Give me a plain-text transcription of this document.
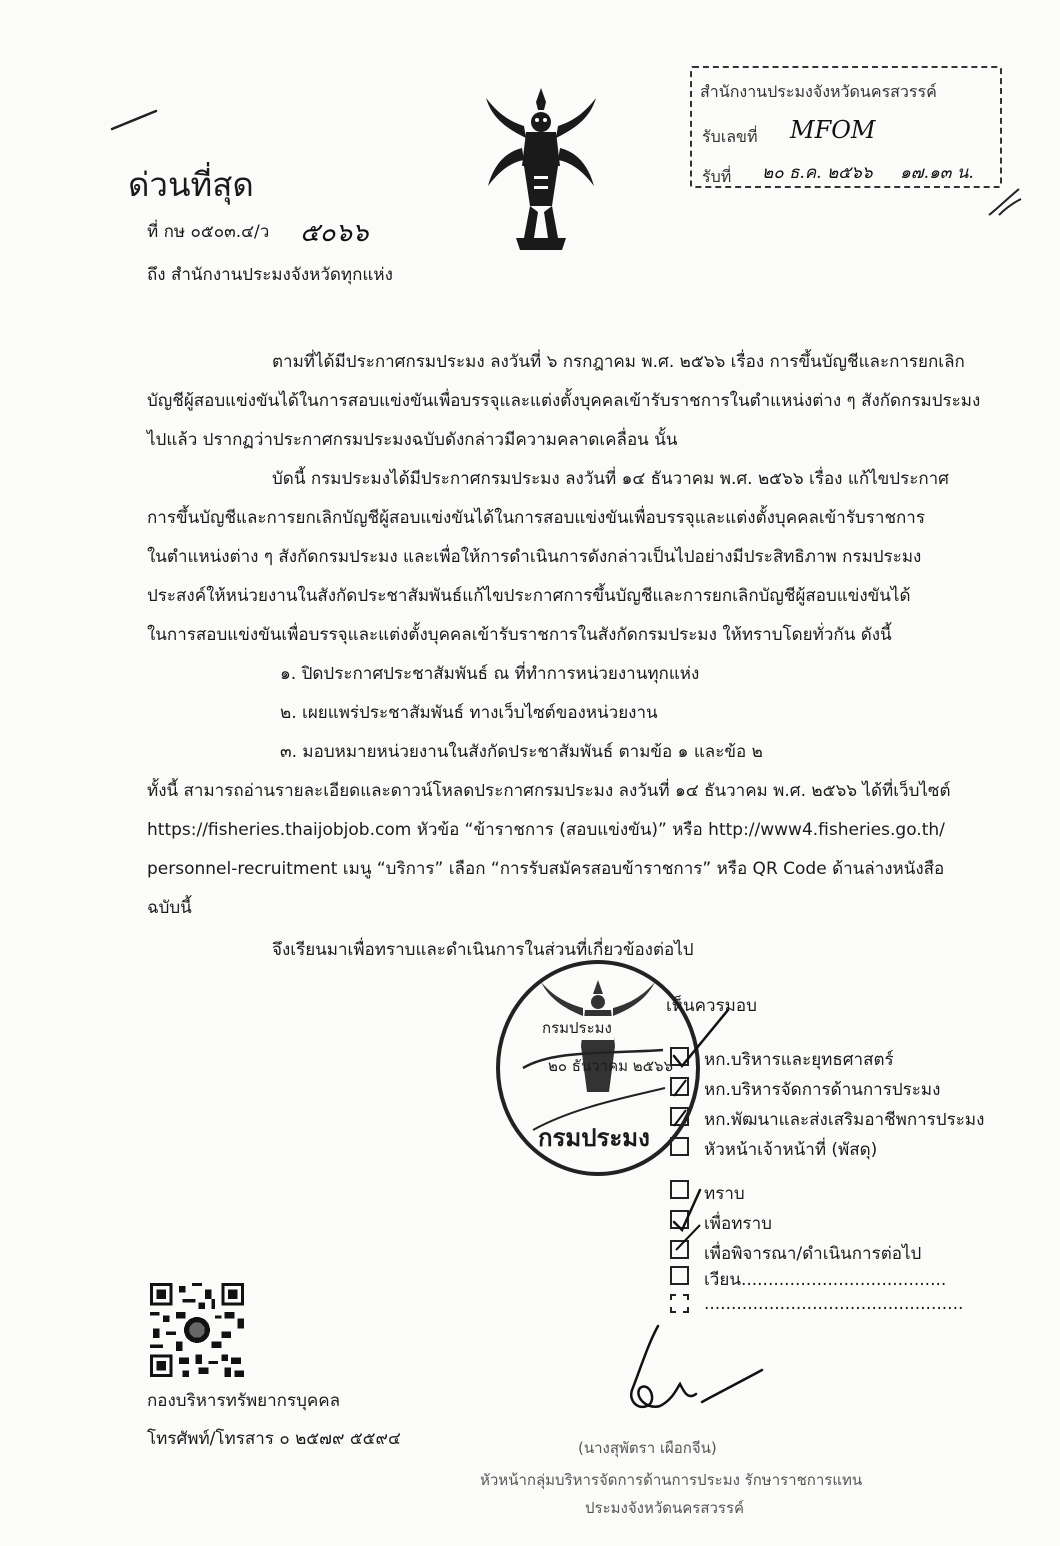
สำนักงานประมงจังหวัดนครสวรรค์
รับเลขที่ MFOM
รับที่ ๒๐ ธ.ค. ๒๕๖๖ ๑๗.๑๓ น.
ด่วนที่สุด
ที่ กษ ๐๕๐๓.๔/ว ๕๐๖๖
ถึง สำนักงานประมงจังหวัดทุกแห่ง
ตามที่ได้มีประกาศกรมประมง ลงวันที่ ๖ กรกฎาคม พ.ศ. ๒๕๖๖ เรื่อง การขึ้นบัญชีและการยกเลิก
บัญชีผู้สอบแข่งขันได้ในการสอบแข่งขันเพื่อบรรจุและแต่งตั้งบุคคลเข้ารับราชการในตำแหน่งต่าง ๆ สังกัดกรมประมง
ไปแล้ว ปรากฏว่าประกาศกรมประมงฉบับดังกล่าวมีความคลาดเคลื่อน นั้น
บัดนี้ กรมประมงได้มีประกาศกรมประมง ลงวันที่ ๑๔ ธันวาคม พ.ศ. ๒๕๖๖ เรื่อง แก้ไขประกาศ
การขึ้นบัญชีและการยกเลิกบัญชีผู้สอบแข่งขันได้ในการสอบแข่งขันเพื่อบรรจุและแต่งตั้งบุคคลเข้ารับราชการ
ในตำแหน่งต่าง ๆ สังกัดกรมประมง และเพื่อให้การดำเนินการดังกล่าวเป็นไปอย่างมีประสิทธิภาพ กรมประมง
ประสงค์ให้หน่วยงานในสังกัดประชาสัมพันธ์แก้ไขประกาศการขึ้นบัญชีและการยกเลิกบัญชีผู้สอบแข่งขันได้
ในการสอบแข่งขันเพื่อบรรจุและแต่งตั้งบุคคลเข้ารับราชการในสังกัดกรมประมง ให้ทราบโดยทั่วกัน ดังนี้
๑. ปิดประกาศประชาสัมพันธ์ ณ ที่ทำการหน่วยงานทุกแห่ง
๒. เผยแพร่ประชาสัมพันธ์ ทางเว็บไซต์ของหน่วยงาน
๓. มอบหมายหน่วยงานในสังกัดประชาสัมพันธ์ ตามข้อ ๑ และข้อ ๒
ทั้งนี้ สามารถอ่านรายละเอียดและดาวน์โหลดประกาศกรมประมง ลงวันที่ ๑๔ ธันวาคม พ.ศ. ๒๕๖๖ ได้ที่เว็บไซต์
https://fisheries.thaijobjob.com หัวข้อ “ข้าราชการ (สอบแข่งขัน)” หรือ http://www4.fisheries.go.th/
personnel-recruitment เมนู “บริการ” เลือก “การรับสมัครสอบข้าราชการ” หรือ QR Code ด้านล่างหนังสือ
ฉบับนี้
จึงเรียนมาเพื่อทราบและดำเนินการในส่วนที่เกี่ยวข้องต่อไป
กรมประมง
๒๐ ธันวาคม ๒๕๖๖
กรมประมง
เห็นควรมอบ
หก.บริหารและยุทธศาสตร์
หก.บริหารจัดการด้านการประมง
หก.พัฒนาและส่งเสริมอาชีพการประมง
หัวหน้าเจ้าหน้าที่ (พัสดุ)
ทราบ
เพื่อทราบ
เพื่อพิจารณา/ดำเนินการต่อไป
เวียน......................................
................................................
กองบริหารทรัพยากรบุคคล
โทรศัพท์/โทรสาร ๐ ๒๕๗๙ ๕๕๙๔	(นางสุพัตรา เผือกจีน)
หัวหน้ากลุ่มบริหารจัดการด้านการประมง รักษาราชการแทน
ประมงจังหวัดนครสวรรค์
